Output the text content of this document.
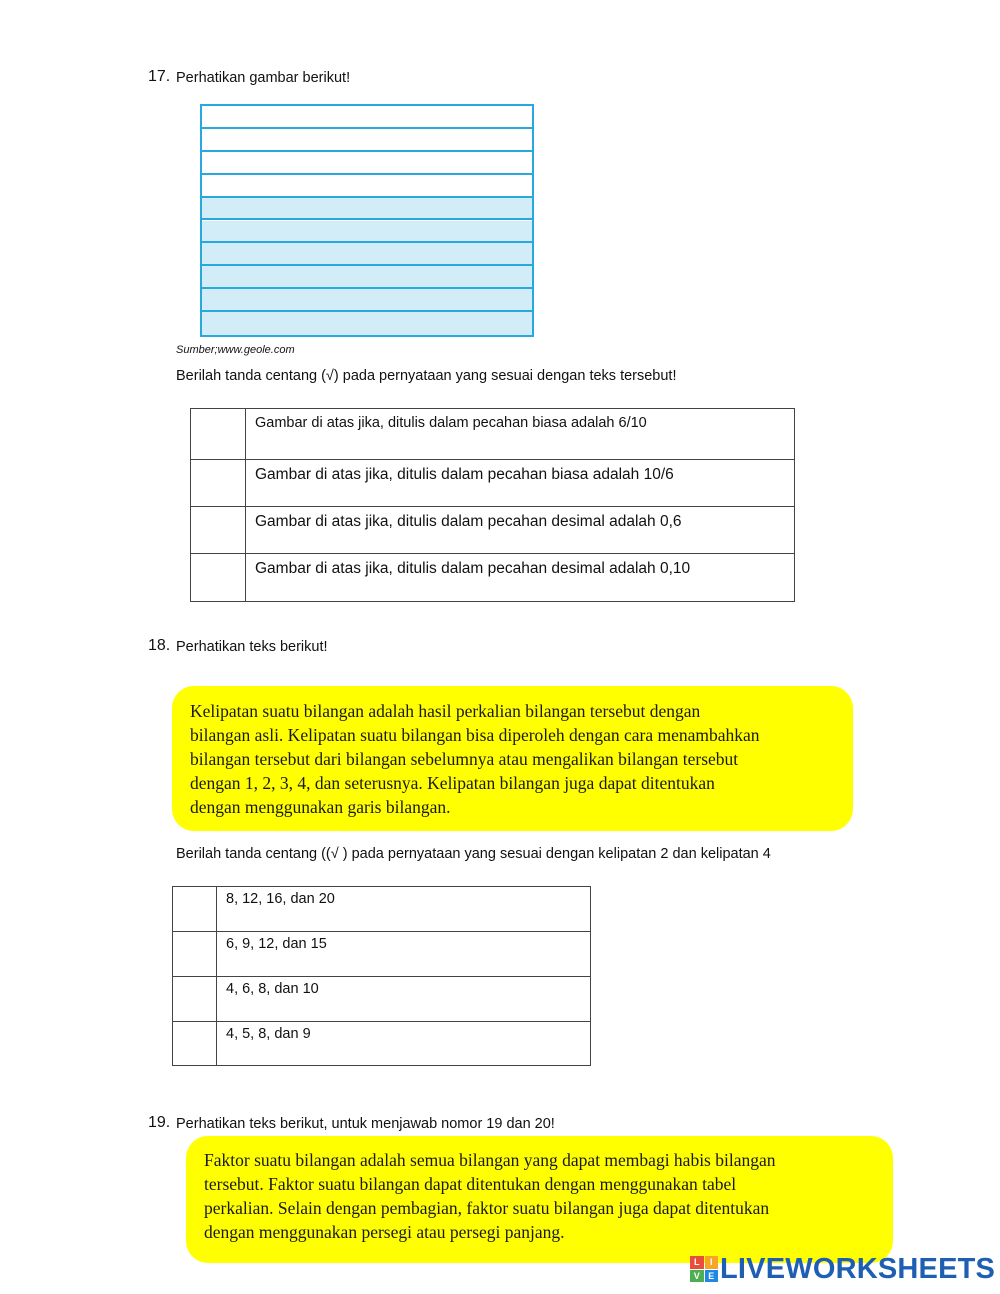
17. Perhatikan gambar berikut!
Sumber;www.geole.com
Berilah tanda centang (√) pada pernyataan yang sesuai dengan teks tersebut!
	Gambar di atas jika, ditulis dalam pecahan biasa adalah 6/10
	Gambar di atas jika, ditulis dalam pecahan biasa adalah 10/6
	Gambar di atas jika, ditulis dalam pecahan desimal adalah 0,6
	Gambar di atas jika, ditulis dalam pecahan desimal adalah 0,10
18. Perhatikan teks berikut!
Kelipatan suatu bilangan adalah hasil perkalian bilangan tersebut dengan
bilangan asli. Kelipatan suatu bilangan bisa diperoleh dengan cara menambahkan
bilangan tersebut dari bilangan sebelumnya atau mengalikan bilangan tersebut
dengan 1, 2, 3, 4, dan seterusnya. Kelipatan bilangan juga dapat ditentukan
dengan menggunakan garis bilangan.
Berilah tanda centang ((√ ) pada pernyataan yang sesuai dengan kelipatan 2 dan kelipatan 4
	8, 12, 16, dan 20
	6, 9, 12, dan 15
	4, 6, 8, dan 10
	4, 5, 8, dan 9
19. Perhatikan teks berikut, untuk menjawab nomor 19 dan 20!
Faktor suatu bilangan adalah semua bilangan yang dapat membagi habis bilangan
tersebut. Faktor suatu bilangan dapat ditentukan dengan menggunakan tabel
perkalian. Selain dengan pembagian, faktor suatu bilangan juga dapat ditentukan
dengan menggunakan persegi atau persegi panjang.
L	I
V E LIVEWORKSHEETS
